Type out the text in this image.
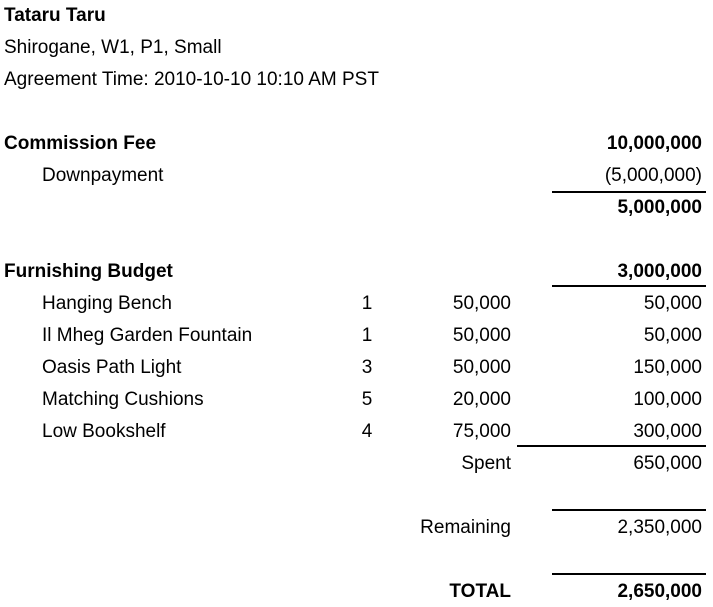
Tataru Taru
Shirogane, W1, P1, Small
Agreement Time: 2010-10-10 10:10 AM PST
Commission Fee	10,000,000
Downpayment	(5,000,000)
5,000,000
Furnishing Budget	3,000,000
Hanging Bench	1	50,000	50,000
Il Mheg Garden Fountain	1	50,000	50,000
Oasis Path Light	3	50,000	150,000
Matching Cushions	5	20,000	100,000
Low Bookshelf	4	75,000	300,000
Spent	650,000
Remaining	2,350,000
TOTAL	2,650,000
